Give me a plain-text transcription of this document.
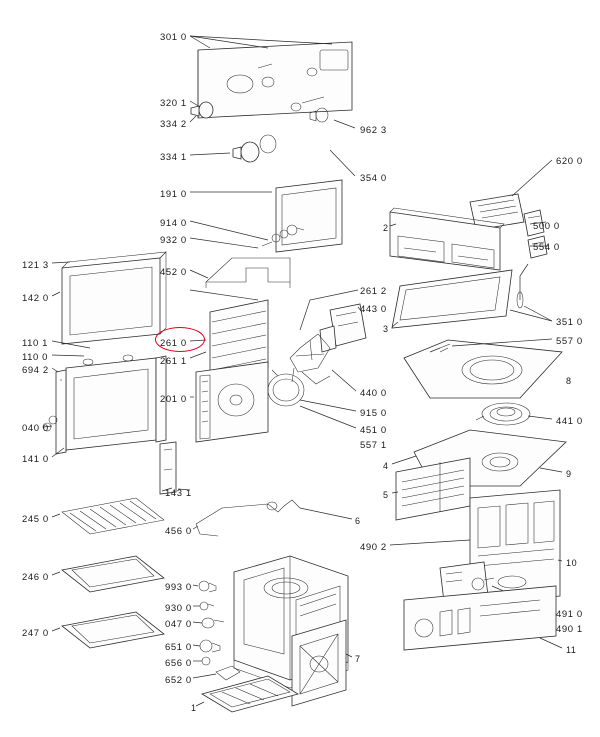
301 0
320 1
334 2
962 3
334 1
354 0
191 0
620 0
914 0	500 0
932 0
554 0
452 0
121 3
142 0
261 2
443 0
351 0
110 1
110 0
261 0	557 0
694 2
261 1
201 0
440 0
040 0
915 0
441 0
451 0
141 0
557 1
143 1
245 0
456 0
490 2
246 0
993 0
930 0
491 0
047 0	490 1
247 0
651 0
656 0
652 0
2
3
8
4
9
5
10
6
11
7
1
